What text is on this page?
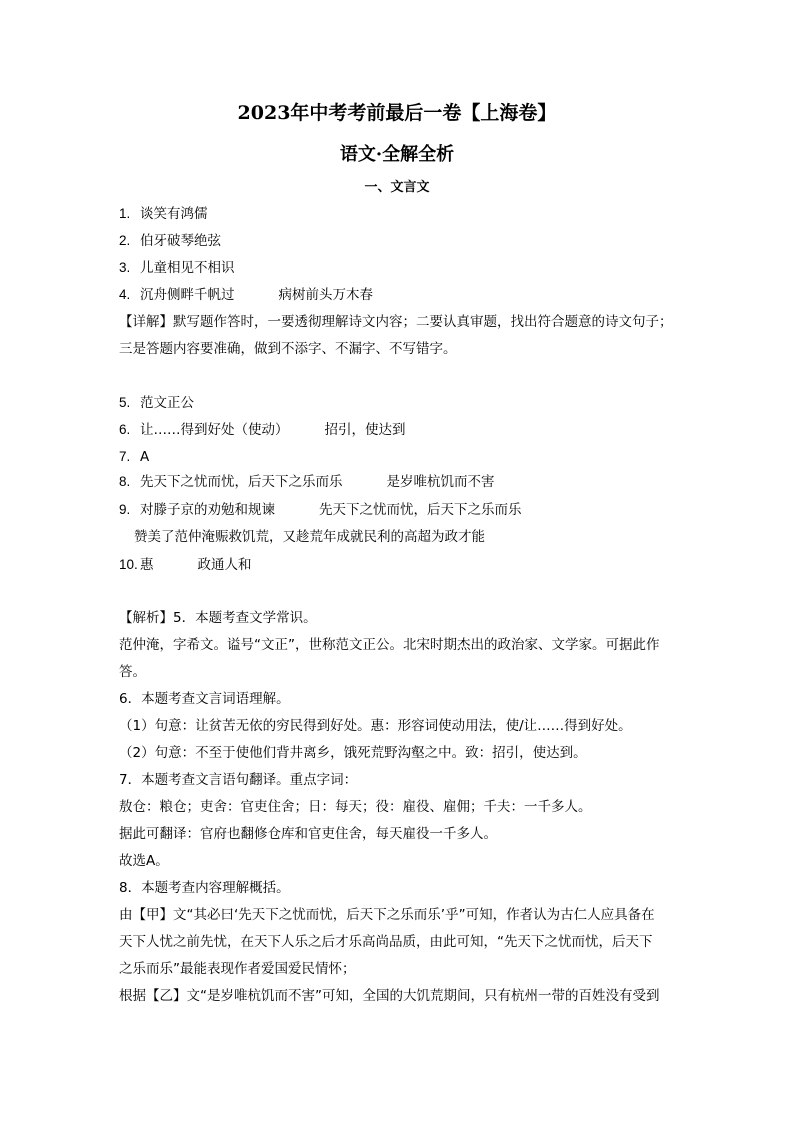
2023年中考考前最后一卷【上海卷】
语文·全解全析
一、文言文
1. 谈笑有鸿儒
2. 伯牙破琴绝弦
3. 儿童相见不相识
4. 沉舟侧畔千帆过	病树前头万木春
【详解】默写题作答时，一要透彻理解诗文内容；二要认真审题，找出符合题意的诗文句子；
三是答题内容要准确，做到不添字、不漏字、不写错字。
5. 范文正公
6. 让……得到好处（使动）	招引，使达到
7. A
8. 先天下之忧而忧，后天下之乐而乐	是岁唯杭饥而不害
9. 对滕子京的劝勉和规谏	先天下之忧而忧，后天下之乐而乐
赞美了范仲淹赈救饥荒，又趁荒年成就民利的高超为政才能
10. 惠	政通人和
【解析】5．本题考查文学常识。
范仲淹，字希文。谥号“文正”，世称范文正公。北宋时期杰出的政治家、文学家。可据此作
答。
6．本题考查文言词语理解。
（1）句意：让贫苦无依的穷民得到好处。惠：形容词使动用法，使/让……得到好处。
（2）句意：不至于使他们背井离乡，饿死荒野沟壑之中。致：招引，使达到。
7．本题考查文言语句翻译。重点字词：
敖仓：粮仓；吏舍：官吏住舍；日：每天；役：雇役、雇佣；千夫：一千多人。
据此可翻译：官府也翻修仓库和官吏住舍，每天雇役一千多人。
故选A。
8．本题考查内容理解概括。
由【甲】文“其必曰‘先天下之忧而忧，后天下之乐而乐’乎”可知，作者认为古仁人应具备在
天下人忧之前先忧，在天下人乐之后才乐高尚品质，由此可知，“先天下之忧而忧，后天下
之乐而乐”最能表现作者爱国爱民情怀；
根据【乙】文“是岁唯杭饥而不害”可知，全国的大饥荒期间，只有杭州一带的百姓没有受到
